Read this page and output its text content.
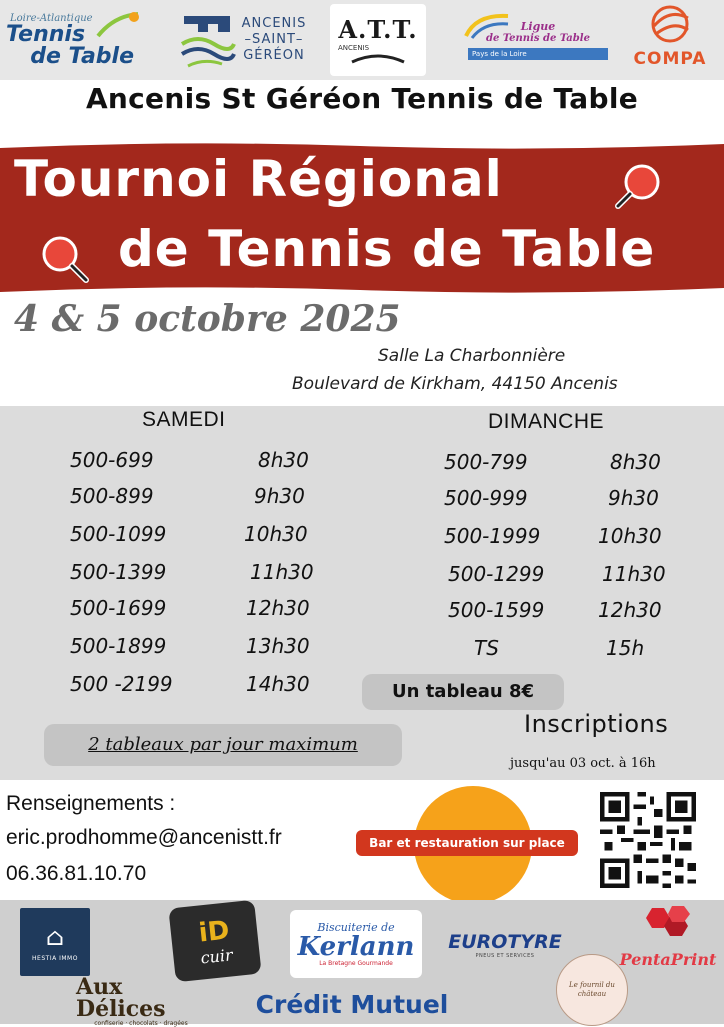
Loire-Atlantique
Tennis
de Table
ANCENIS
–SAINT–
GÉRÉON
A.T.T.
ANCENIS
Ligue
de Tennis de Table
Pays de la Loire	COMPA
Ancenis St Géréon Tennis de Table
Tournoi Régional
de Tennis de Table
4 & 5 octobre 2025
Salle La Charbonnière
Boulevard de Kirkham, 44150 Ancenis
SAMEDI	DIMANCHE
500-699	8h30
500-899	9h30
500-1099	10h30
500-1399	11h30
500-1699	12h30
500-1899	13h30
500 -2199	14h30
500-799	8h30
500-999	9h30
500-1999	10h30
500-1299	11h30
500-1599	12h30
TS	15h
Un tableau 8€
2 tableaux par jour maximum
Inscriptions
jusqu'au 03 oct. à 16h
Renseignements :
eric.prodhomme@ancenistt.fr
06.36.81.10.70
Bar et restauration sur place
⌂
HESTIA IMMO
iD
cuir
Biscuiterie de
Kerlann
La Bretagne Gourmande
EUROTYRE
PNEUS ET SERVICES	PentaPrint
Aux Délices
confiserie · chocolats · dragées
Crédit Mutuel
Le fournil du château
